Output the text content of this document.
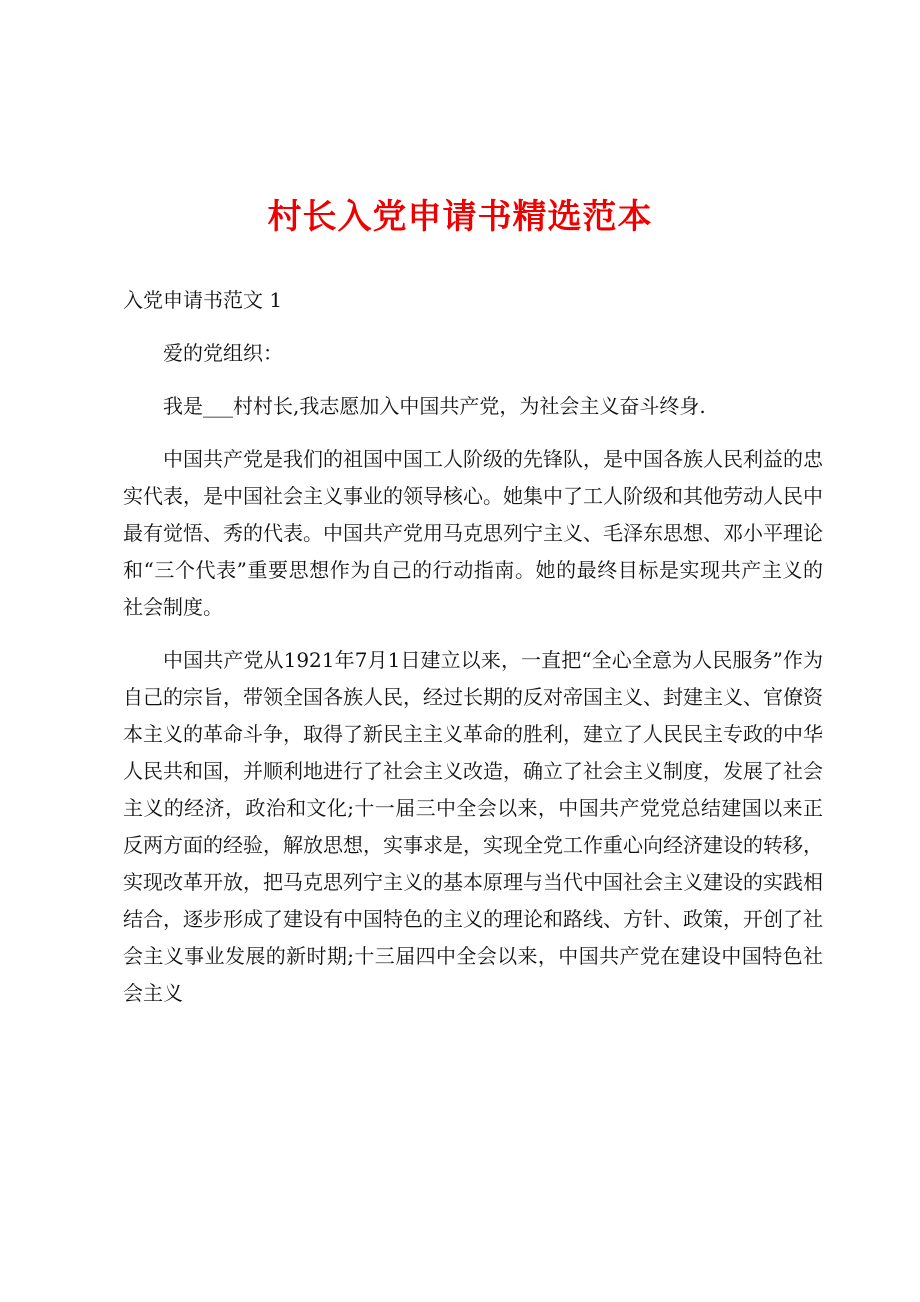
村长入党申请书精选范本

入党申请书范文 1

爱的党组织：

我是___村村长,我志愿加入中国共产党，为社会主义奋斗终身.

中国共产党是我们的祖国中国工人阶级的先锋队，是中国各族人民利益的忠实代表，是中国社会主义事业的领导核心。她集中了工人阶级和其他劳动人民中最有觉悟、秀的代表。中国共产党用马克思列宁主义、毛泽东思想、邓小平理论和“三个代表”重要思想作为自己的行动指南。她的最终目标是实现共产主义的社会制度。

中国共产党从1921年7月1日建立以来，一直把“全心全意为人民服务”作为自己的宗旨，带领全国各族人民，经过长期的反对帝国主义、封建主义、官僚资本主义的革命斗争，取得了新民主主义革命的胜利，建立了人民民主专政的中华人民共和国，并顺利地进行了社会主义改造，确立了社会主义制度，发展了社会主义的经济，政治和文化;十一届三中全会以来，中国共产党党总结建国以来正反两方面的经验，解放思想，实事求是，实现全党工作重心向经济建设的转移，实现改革开放，把马克思列宁主义的基本原理与当代中国社会主义建设的实践相结合，逐步形成了建设有中国特色的主义的理论和路线、方针、政策，开创了社会主义事业发展的新时期;十三届四中全会以来，中国共产党在建设中国特色社会主义
